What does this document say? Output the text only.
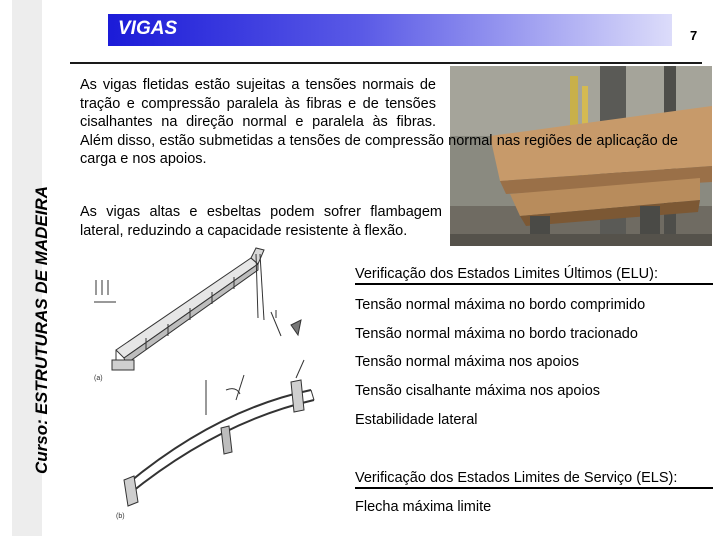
Curso: ESTRUTURAS DE MADEIRA
VIGAS	7
As vigas fletidas estão sujeitas a tensões normais de tração e compressão paralela às fibras e de tensões cisalhantes na direção normal e paralela às fibras. Além disso, estão submetidas a tensões de compressão normal nas regiões de aplicação de carga e nos apoios.
As vigas altas e esbeltas podem sofrer flambagem lateral, reduzindo a capacidade resistente à flexão.
(a)
(b)
Verificação dos Estados Limites Últimos (ELU):
Tensão normal máxima no bordo comprimido
Tensão normal máxima no bordo tracionado
Tensão normal máxima nos apoios
Tensão cisalhante máxima nos apoios
Estabilidade lateral
Verificação dos Estados Limites de Serviço (ELS):
Flecha máxima limite
